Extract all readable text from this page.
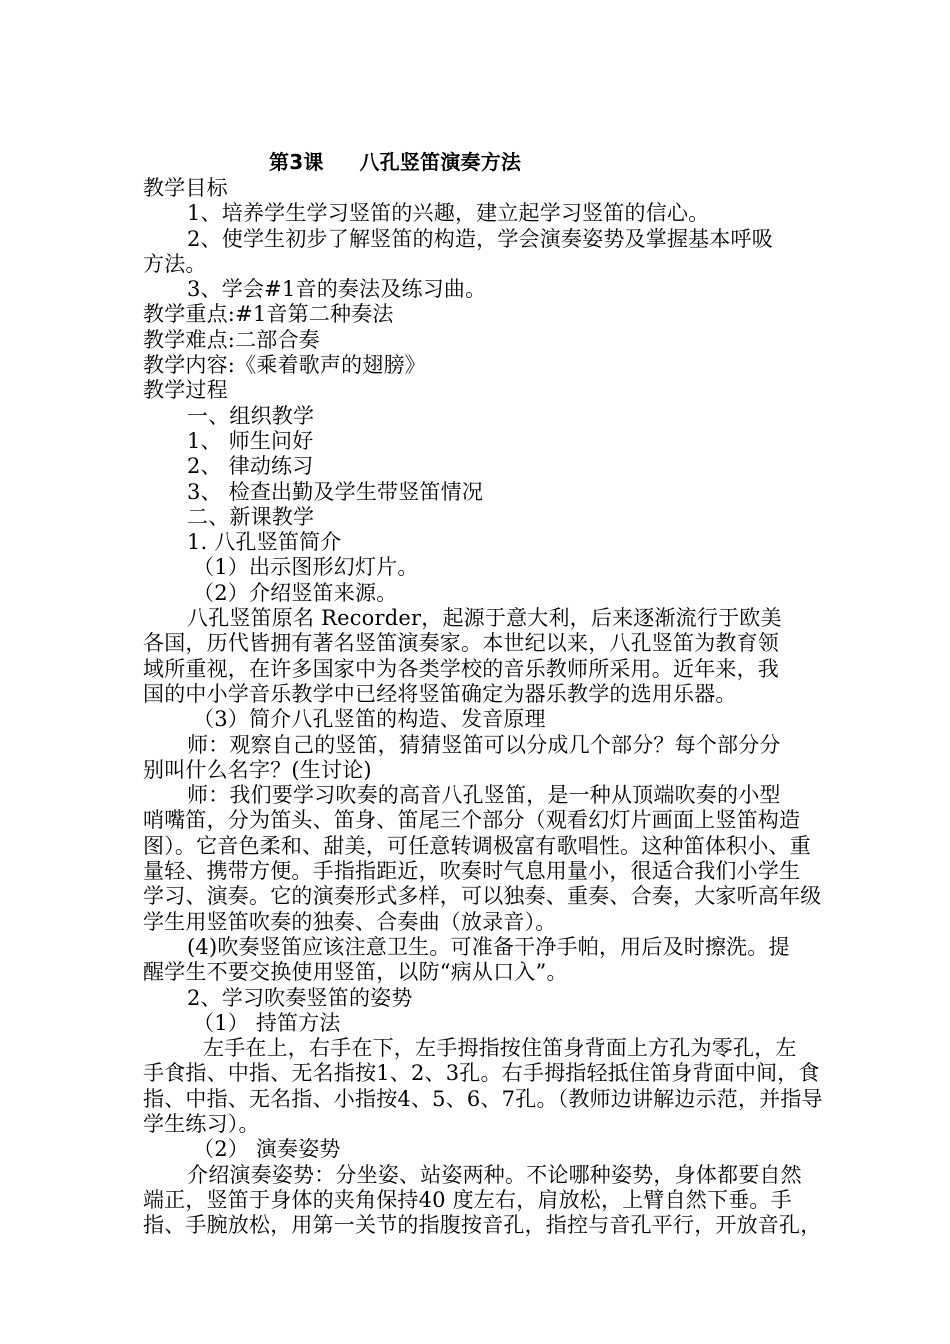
第3课 八孔竖笛演奏方法
教学目标
1、培养学生学习竖笛的兴趣，建立起学习竖笛的信心。
2、使学生初步了解竖笛的构造，学会演奏姿势及掌握基本呼吸
方法。
3、学会#1音的奏法及练习曲。
教学重点:#1音第二种奏法
教学难点:二部合奏
教学内容:《乘着歌声的翅膀》
教学过程
一、组织教学
1、 师生问好
2、 律动练习
3、 检查出勤及学生带竖笛情况
二、新课教学
1. 八孔竖笛简介
（1）出示图形幻灯片。
（2）介绍竖笛来源。
八孔竖笛原名 Recorder，起源于意大利，后来逐渐流行于欧美
各国，历代皆拥有著名竖笛演奏家。本世纪以来，八孔竖笛为教育领
域所重视，在许多国家中为各类学校的音乐教师所采用。近年来，我
国的中小学音乐教学中已经将竖笛确定为器乐教学的选用乐器。
（3）简介八孔竖笛的构造、发音原理
师：观察自己的竖笛，猜猜竖笛可以分成几个部分？每个部分分
别叫什么名字？(生讨论)
师：我们要学习吹奏的高音八孔竖笛，是一种从顶端吹奏的小型
哨嘴笛，分为笛头、笛身、笛尾三个部分（观看幻灯片画面上竖笛构造
图）。它音色柔和、甜美，可任意转调极富有歌唱性。这种笛体积小、重
量轻、携带方便。手指指距近，吹奏时气息用量小，很适合我们小学生
学习、演奏。它的演奏形式多样，可以独奏、重奏、合奏，大家听高年级
学生用竖笛吹奏的独奏、合奏曲（放录音）。
(4)吹奏竖笛应该注意卫生。可准备干净手帕，用后及时擦洗。提
醒学生不要交换使用竖笛，以防“病从口入”。
2、学习吹奏竖笛的姿势
（1） 持笛方法
左手在上，右手在下，左手拇指按住笛身背面上方孔为零孔，左
手食指、中指、无名指按1、2、3孔。右手拇指轻抵住笛身背面中间，食
指、中指、无名指、小指按4、5、6、7孔。（教师边讲解边示范，并指导
学生练习）。
（2） 演奏姿势
介绍演奏姿势：分坐姿、站姿两种。不论哪种姿势，身体都要自然
端正，竖笛于身体的夹角保持40 度左右，肩放松，上臂自然下垂。手
指、手腕放松，用第一关节的指腹按音孔，指控与音孔平行，开放音孔，
